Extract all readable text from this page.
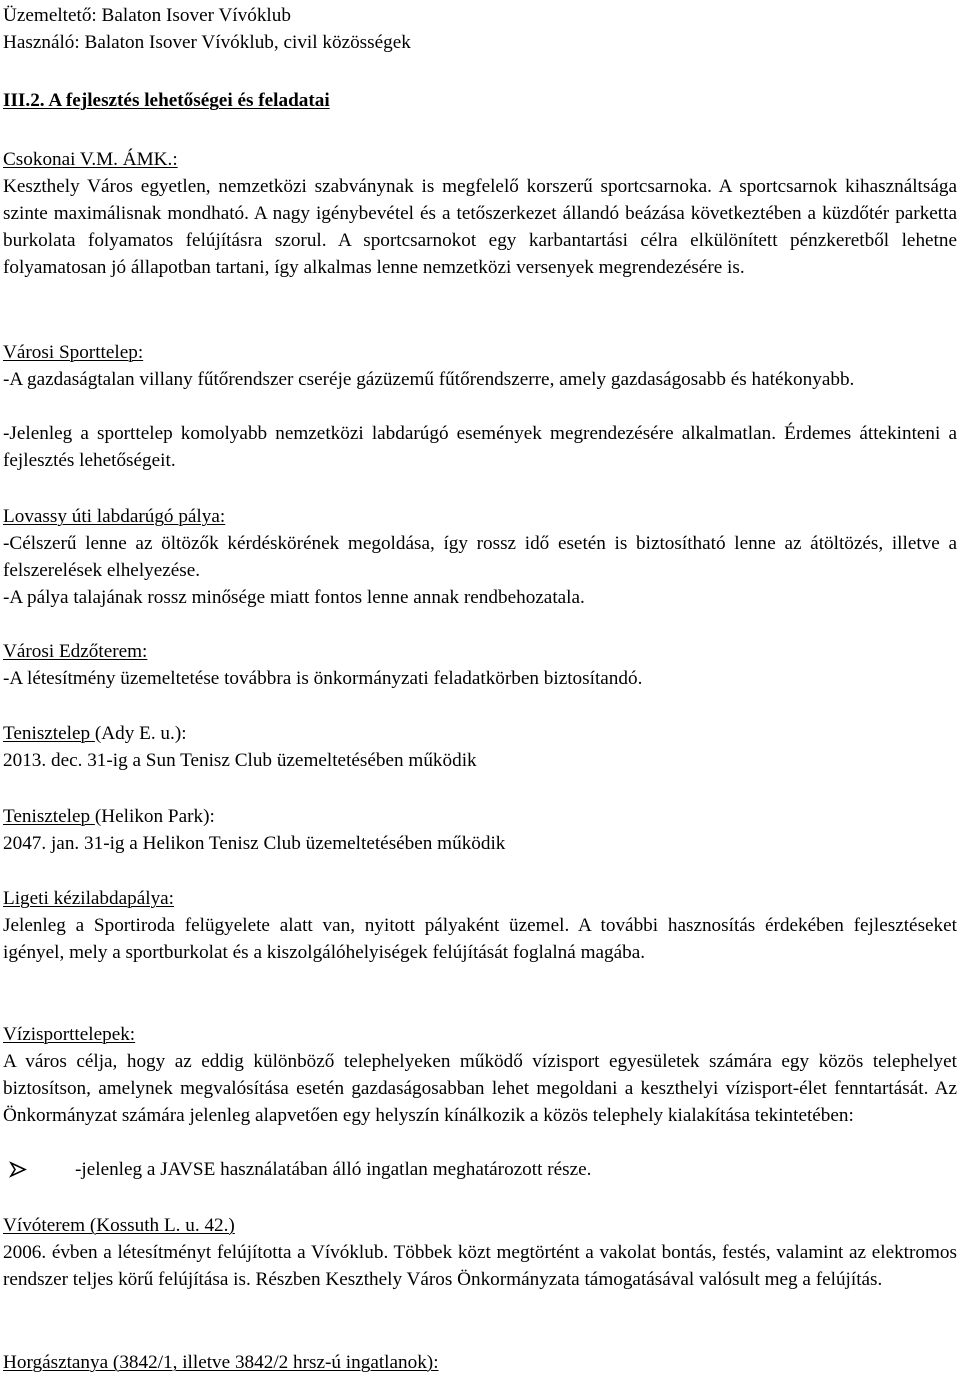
Üzemeltető: Balaton Isover Vívóklub

Használó: Balaton Isover Vívóklub, civil közösségek

III.2. A fejlesztés lehetőségei és feladatai

Csokonai V.M. ÁMK.:

Keszthely Város egyetlen, nemzetközi szabványnak is megfelelő korszerű sportcsarnoka. A sportcsarnok kihasználtsága szinte maximálisnak mondható. A nagy igénybevétel és a tetőszerkezet állandó beázása következtében a küzdőtér parketta burkolata folyamatos felújításra szorul. A sportcsarnokot egy karbantartási célra elkülönített pénzkeretből lehetne folyamatosan jó állapotban tartani, így alkalmas lenne nemzetközi versenyek megrendezésére is.

Városi Sporttelep:

-A gazdaságtalan villany fűtőrendszer cseréje gázüzemű fűtőrendszerre, amely gazdaságosabb és hatékonyabb.

-Jelenleg a sporttelep komolyabb nemzetközi labdarúgó események megrendezésére alkalmatlan. Érdemes áttekinteni a fejlesztés lehetőségeit.

Lovassy úti labdarúgó pálya:

-Célszerű lenne az öltözők kérdéskörének megoldása, így rossz idő esetén is biztosítható lenne az átöltözés, illetve a felszerelések elhelyezése.

-A pálya talajának rossz minősége miatt fontos lenne annak rendbehozatala.

Városi Edzőterem:

-A létesítmény üzemeltetése továbbra is önkormányzati feladatkörben biztosítandó.

Tenisztelep (Ady E. u.):

2013. dec. 31-ig a Sun Tenisz Club üzemeltetésében működik

Tenisztelep (Helikon Park):

2047. jan. 31-ig a Helikon Tenisz Club üzemeltetésében működik

Ligeti kézilabdapálya:

Jelenleg a Sportiroda felügyelete alatt van, nyitott pályaként üzemel. A további hasznosítás érdekében fejlesztéseket igényel, mely a sportburkolat és a kiszolgálóhelyiségek felújítását foglalná magába.

Vízisporttelepek:

A város célja, hogy az eddig különböző telephelyeken működő vízisport egyesületek számára egy közös telephelyet biztosítson, amelynek megvalósítása esetén gazdaságosabban lehet megoldani a keszthelyi vízisport-élet fenntartását. Az Önkormányzat számára jelenleg alapvetően egy helyszín kínálkozik a közös telephely kialakítása tekintetében:

-jelenleg a JAVSE használatában álló ingatlan meghatározott része.

Vívóterem (Kossuth L. u. 42.)

2006. évben a létesítményt felújította a Vívóklub. Többek közt megtörtént a vakolat bontás, festés, valamint az elektromos rendszer teljes körű felújítása is. Részben Keszthely Város Önkormányzata támogatásával valósult meg a felújítás.

Horgásztanya (3842/1, illetve 3842/2 hrsz-ú ingatlanok):
